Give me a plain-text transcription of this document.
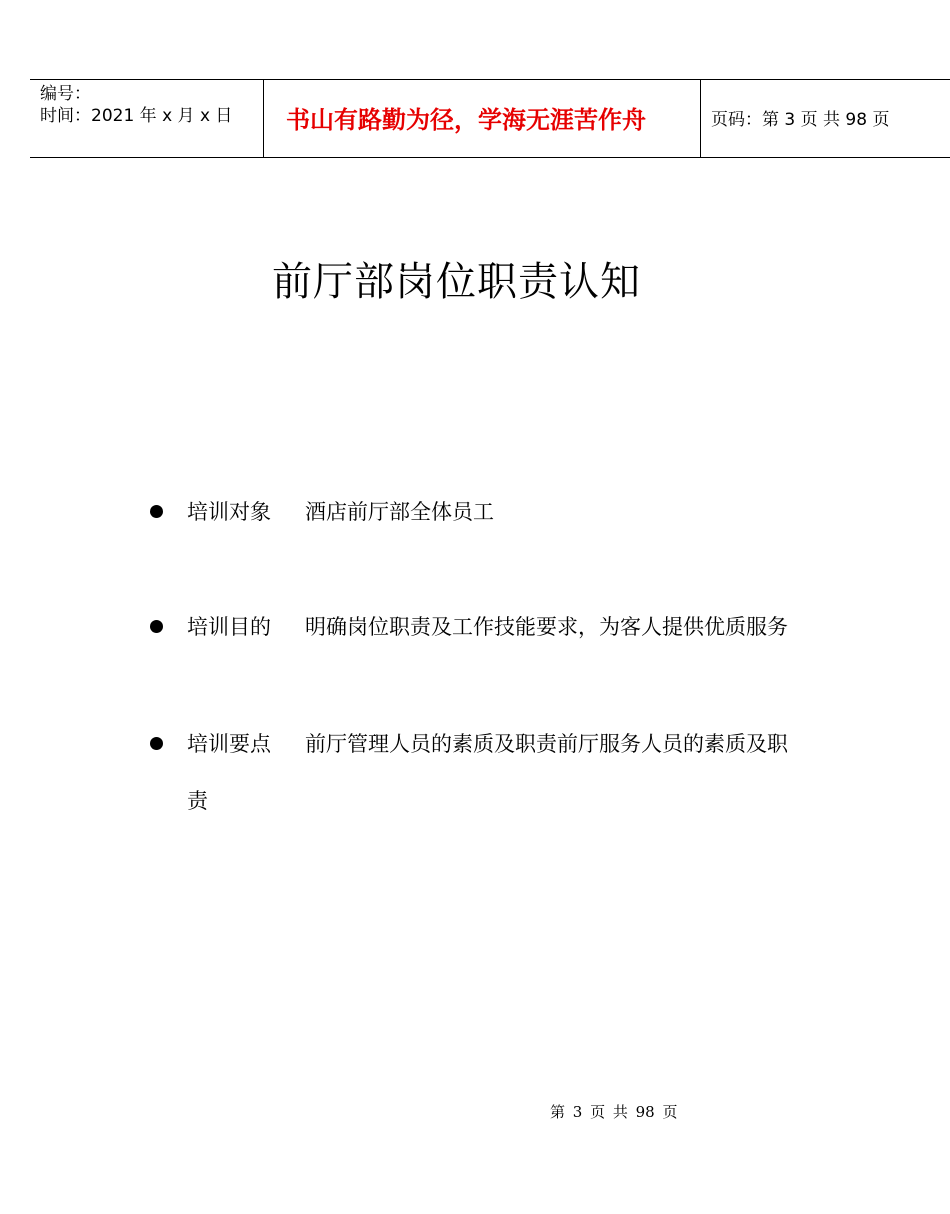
编号：
时间：2021 年 x 月 x 日 书山有路勤为径，学海无涯苦作舟	页码：第 3 页 共 98 页
前厅部岗位职责认知
培训对象 酒店前厅部全体员工
培训目的 明确岗位职责及工作技能要求，为客人提供优质服务
培训要点 前厅管理人员的素质及职责前厅服务人员的素质及职
责
第 3 页 共 98 页
